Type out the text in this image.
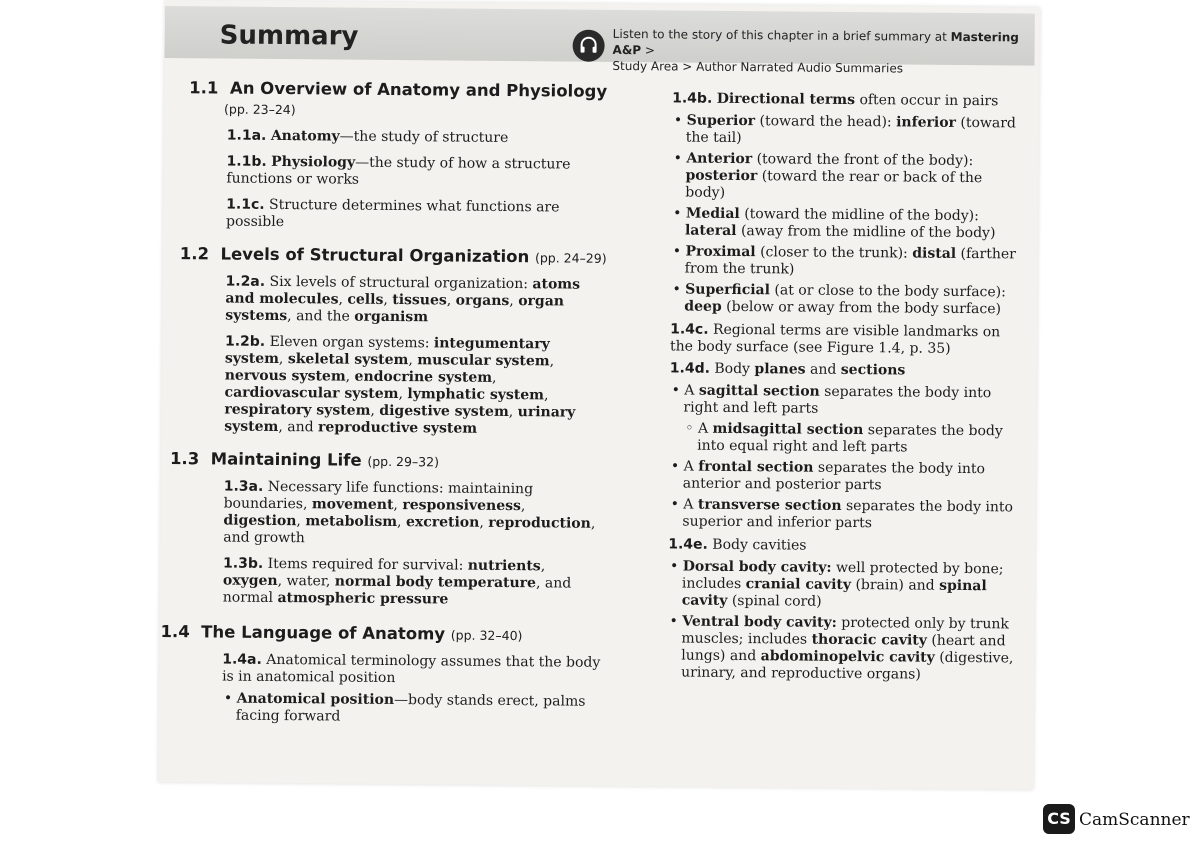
Summary	Listen to the story of this chapter in a brief summary at Mastering A&P >
Study Area > Author Narrated Audio Summaries
1.1 An Overview of Anatomy and Physiology (pp. 23–24)
1.1a. Anatomy—the study of structure
1.1b. Physiology—the study of how a structure functions or works
1.1c. Structure determines what functions are possible
1.2 Levels of Structural Organization (pp. 24–29)
1.2a. Six levels of structural organization: atoms and molecules, cells, tissues, organs, organ systems, and the organism
1.2b. Eleven organ systems: integumentary system, skeletal system, muscular system, nervous system, endocrine system, cardiovascular system, lymphatic system, respiratory system, digestive system, urinary system, and reproductive system
1.3 Maintaining Life (pp. 29–32)
1.3a. Necessary life functions: maintaining boundaries, movement, responsiveness, digestion, metabolism, excretion, reproduction, and growth
1.3b. Items required for survival: nutrients, oxygen, water, normal body temperature, and normal atmospheric pressure
1.4 The Language of Anatomy (pp. 32–40)
1.4a. Anatomical terminology assumes that the body is in anatomical position
• Anatomical position—body stands erect, palms facing forward
1.4b. Directional terms often occur in pairs
• Superior (toward the head): inferior (toward the tail)
• Anterior (toward the front of the body): posterior (toward the rear or back of the body)
• Medial (toward the midline of the body): lateral (away from the midline of the body)
• Proximal (closer to the trunk): distal (farther from the trunk)
• Superficial (at or close to the body surface): deep (below or away from the body surface)
1.4c. Regional terms are visible landmarks on the body surface (see Figure 1.4, p. 35)
1.4d. Body planes and sections
• A sagittal section separates the body into right and left parts
◦ A midsagittal section separates the body into equal right and left parts
• A frontal section separates the body into anterior and posterior parts
• A transverse section separates the body into superior and inferior parts
1.4e. Body cavities
• Dorsal body cavity: well protected by bone; includes cranial cavity (brain) and spinal cavity (spinal cord)
• Ventral body cavity: protected only by trunk muscles; includes thoracic cavity (heart and lungs) and abdominopelvic cavity (digestive, urinary, and reproductive organs)
CS CamScanner
